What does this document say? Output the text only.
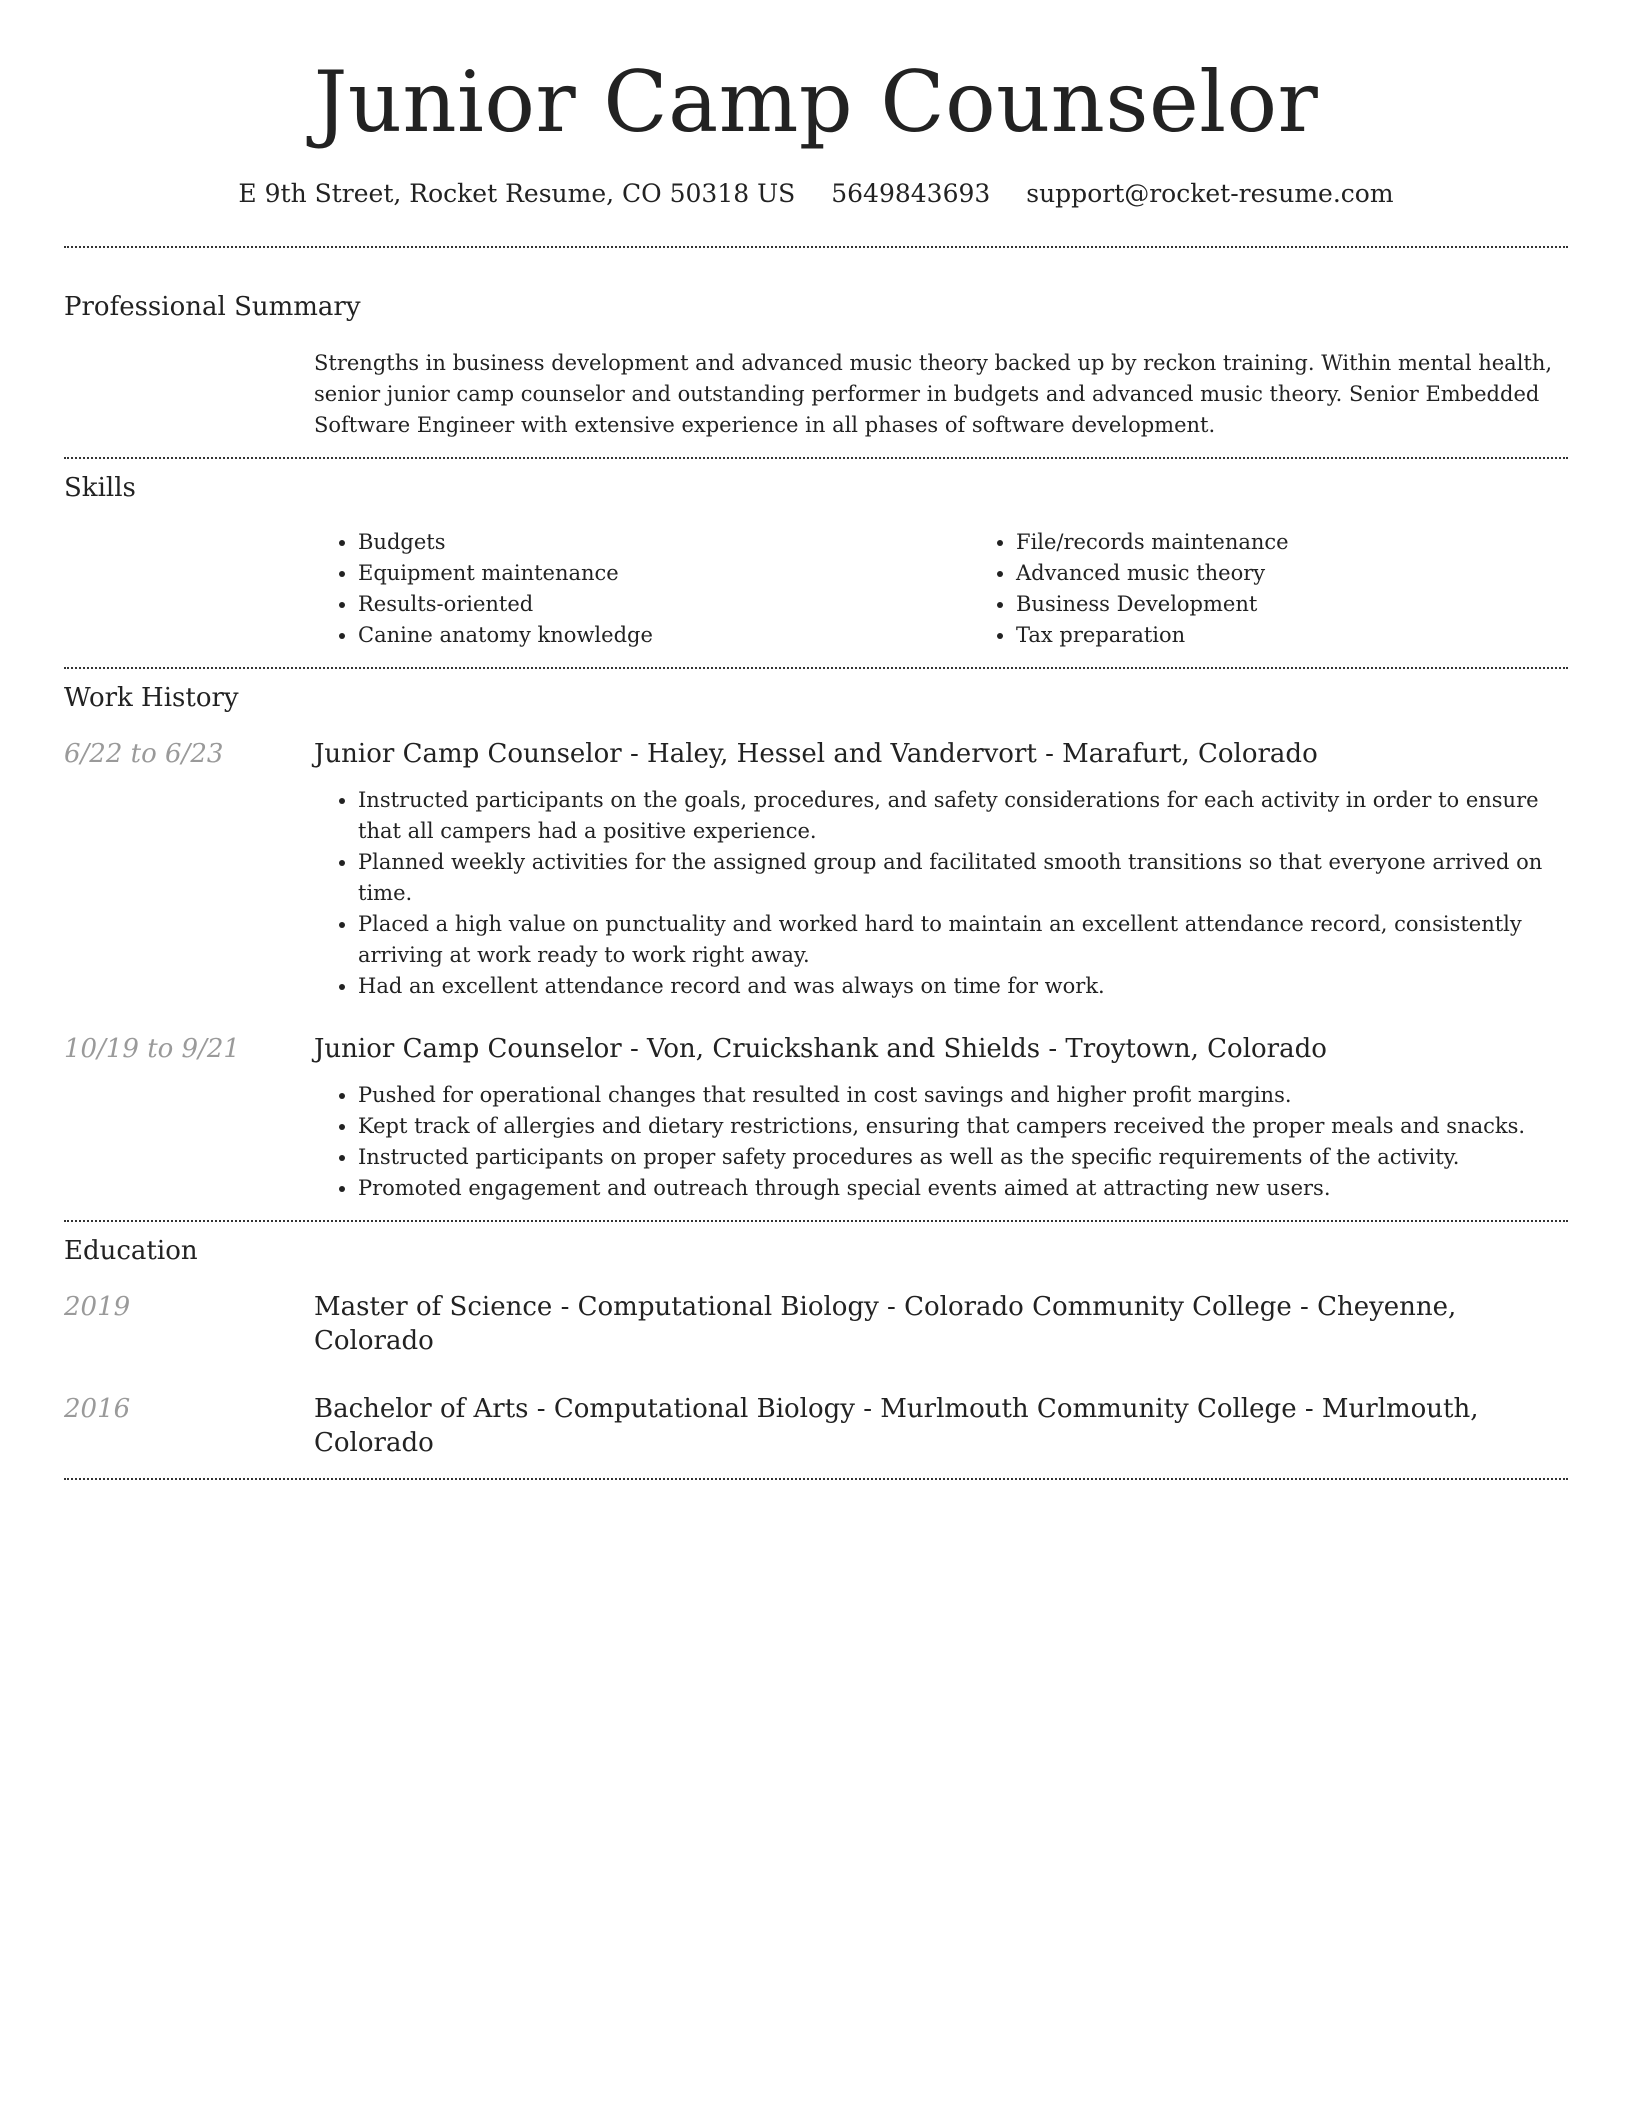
Junior Camp Counselor
E 9th Street, Rocket Resume, CO 50318 US 5649843693 support@rocket-resume.com
Professional Summary

Strengths in business development and advanced music theory backed up by reckon training. Within mental health, senior junior camp counselor and outstanding performer in budgets and advanced music theory. Senior Embedded Software Engineer with extensive experience in all phases of software development.

Skills
• Budgets
• Equipment maintenance
• Results-oriented
• Canine anatomy knowledge
• File/records maintenance
• Advanced music theory
• Business Development
• Tax preparation
Work History
6/22 to 6/23	Junior Camp Counselor - Haley, Hessel and Vandervort - Marafurt, Colorado
• Instructed participants on the goals, procedures, and safety considerations for each activity in order to ensure that all campers had a positive experience.
• Planned weekly activities for the assigned group and facilitated smooth transitions so that everyone arrived on time.
• Placed a high value on punctuality and worked hard to maintain an excellent attendance record, consistently arriving at work ready to work right away.
• Had an excellent attendance record and was always on time for work.
10/19 to 9/21	Junior Camp Counselor - Von, Cruickshank and Shields - Troytown, Colorado
• Pushed for operational changes that resulted in cost savings and higher profit margins.
• Kept track of allergies and dietary restrictions, ensuring that campers received the proper meals and snacks.
• Instructed participants on proper safety procedures as well as the specific requirements of the activity.
• Promoted engagement and outreach through special events aimed at attracting new users.
Education
2019	Master of Science - Computational Biology - Colorado Community College - Cheyenne, Colorado
2016	Bachelor of Arts - Computational Biology - Murlmouth Community College - Murlmouth, Colorado
